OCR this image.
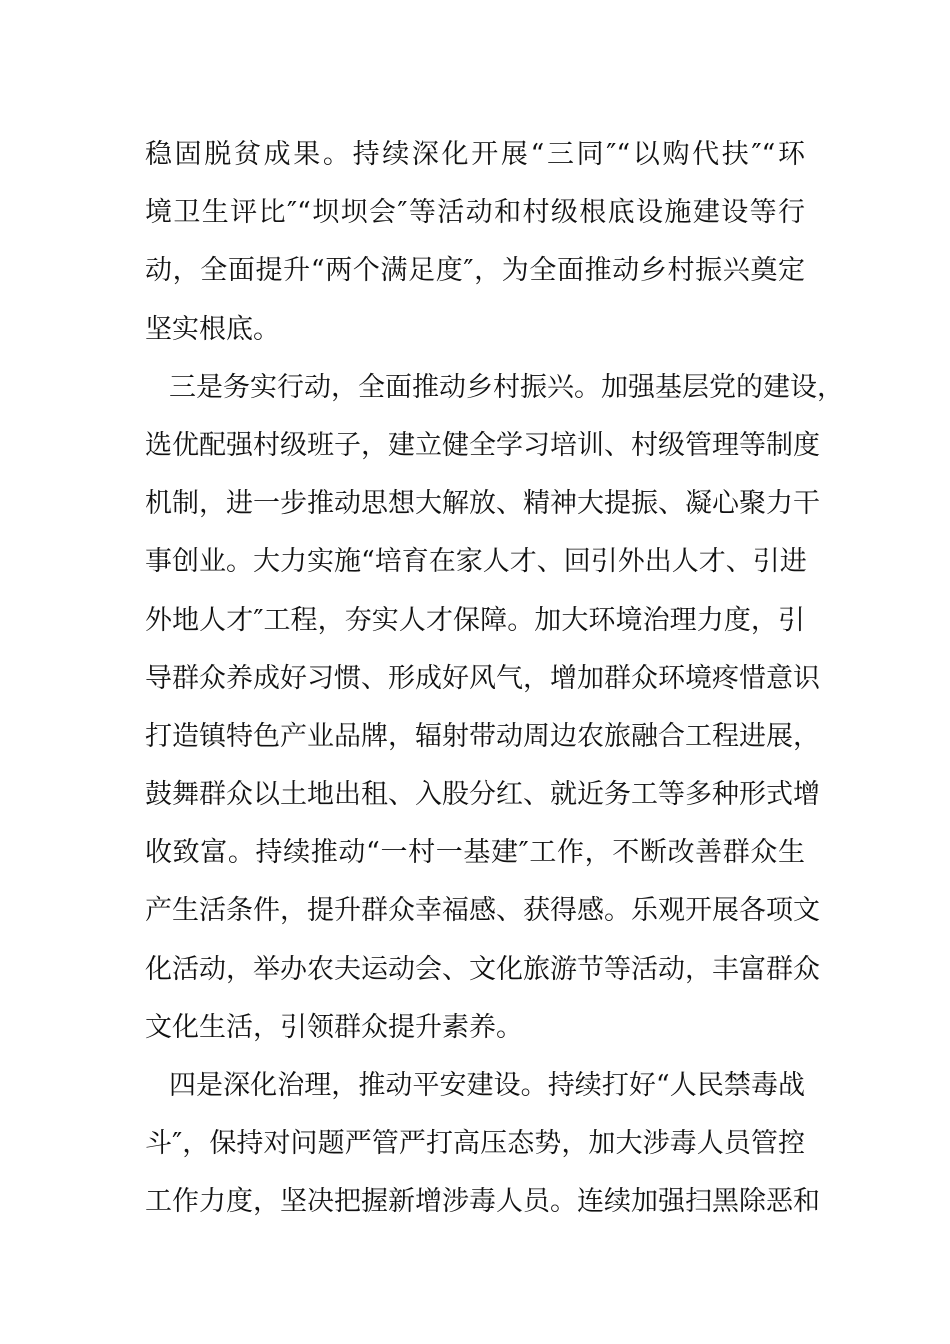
稳固脱贫成果。持续深化开展“三同″“以购代扶″“环
境卫生评比″“坝坝会″等活动和村级根底设施建设等行
动，全面提升“两个满足度″，为全面推动乡村振兴奠定
坚实根底。
三是务实行动，全面推动乡村振兴。加强基层党的建设，
选优配强村级班子，建立健全学习培训、村级管理等制度
机制，进一步推动思想大解放、精神大提振、凝心聚力干
事创业。大力实施“培育在家人才、回引外出人才、引进
外地人才″工程，夯实人才保障。加大环境治理力度，引
导群众养成好习惯、形成好风气，增加群众环境疼惜意识
打造镇特色产业品牌，辐射带动周边农旅融合工程进展，
鼓舞群众以土地出租、入股分红、就近务工等多种形式增
收致富。持续推动“一村一基建″工作，不断改善群众生
产生活条件，提升群众幸福感、获得感。乐观开展各项文
化活动，举办农夫运动会、文化旅游节等活动，丰富群众
文化生活，引领群众提升素养。
四是深化治理，推动平安建设。持续打好“人民禁毒战
斗″，保持对问题严管严打高压态势，加大涉毒人员管控
工作力度，坚决把握新增涉毒人员。连续加强扫黑除恶和
